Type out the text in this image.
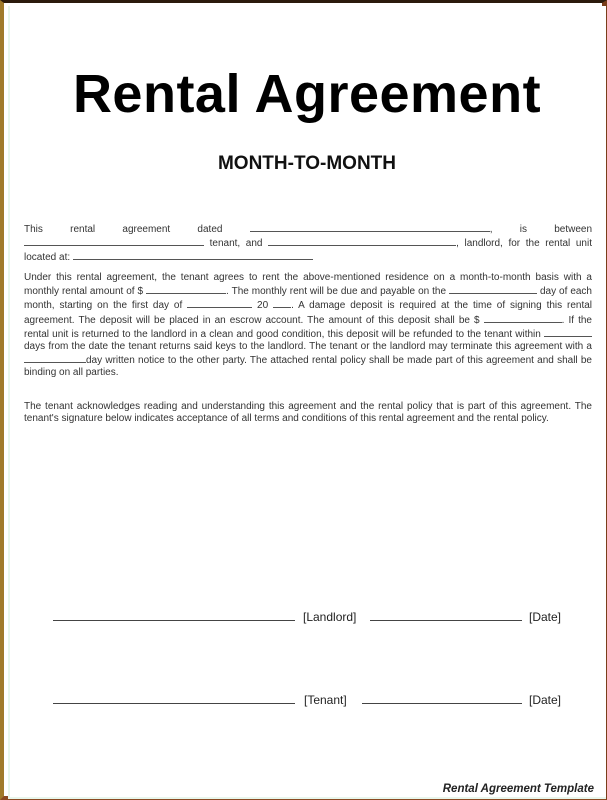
Rental Agreement
MONTH-TO-MONTH
This rental agreement dated	, is between  tenant, and	, landlord, for the rental unit located at:
Under this rental agreement, the tenant agrees to rent the above-mentioned residence on a month-to-month basis with a monthly rental amount of $	. The monthly rent will be due and payable on the	day of each month, starting on the first day of	20 . A damage deposit is required at the time of signing this rental agreement. The deposit will be placed in an escrow account. The amount of this deposit shall be $	. If the rental unit is returned to the landlord in a clean and good condition, this deposit will be refunded to the tenant within  days from the date the tenant returns said keys to the landlord. The tenant or the landlord may terminate this agreement with a day written notice to the other party. The attached rental policy shall be made part of this agreement and shall be binding on all parties.
The tenant acknowledges reading and understanding this agreement and the rental policy that is part of this agreement. The tenant's signature below indicates acceptance of all terms and conditions of this rental agreement and the rental policy.
[Landlord]	[Date]
[Tenant]	[Date]
Rental Agreement Template
